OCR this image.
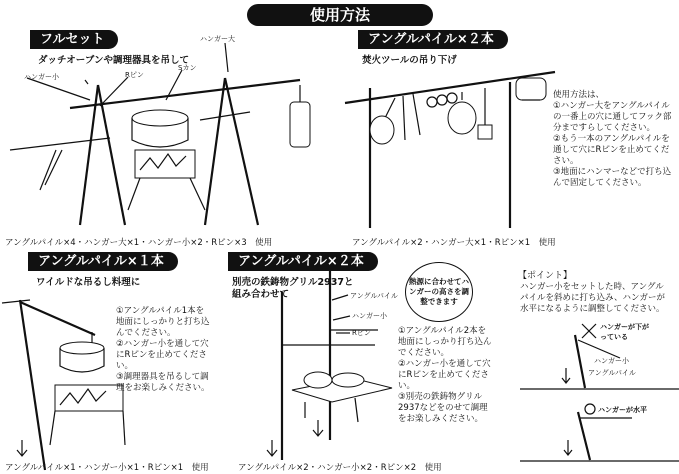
使用方法
フルセット
ダッチオーブンや調理器具を吊して
ハンガー大
ハンガー小	Rピン
Sカン
アングルパイル×4・ハンガー大×1・ハンガー小×2・Rピン×3　使用
アングルパイル×２本
焚火ツールの吊り下げ

使用方法は、

①ハンガー大をアングルパイルの一番上の穴に通してフック部分まですらしてください。

②もう一本のアングルパイルを通して穴にRピンを止めてください。

③地面にハンマーなどで打ち込んで固定してください。

アングルパイル×2・ハンガー大×1・Rピン×1　使用
アングルパイル×１本
ワイルドな吊るし料理に
①アングルパイル1本を地面にしっかりと打ち込んでください。
②ハンガー小を通して穴にRピンを止めてください。
③調理器具を吊るして調理をお楽しみください。
アングルパイル×1・ハンガー小×1・Rピン×1　使用
アングルパイル×２本
別売の鉄鋳物グリル2937と
組み合わせて	アングルパイル
ハンガー小
Rピン
熱源に合わせてハンガーの高さを調整できます
①アングルパイル2本を地面にしっかり打ち込んでください。
②ハンガー小を通して穴にRピンを止めてください。
③別売の鉄鋳物グリル2937などをのせて調理をお楽しみください。
アングルパイル×2・ハンガー小×2・Rピン×2　使用
【ポイント】
ハンガー小をセットした時、アングルパイルを斜めに打ち込み、ハンガーが水平になるように調整してください。
ハンガーが下がっている
ハンガー小
アングルパイル
ハンガーが水平
